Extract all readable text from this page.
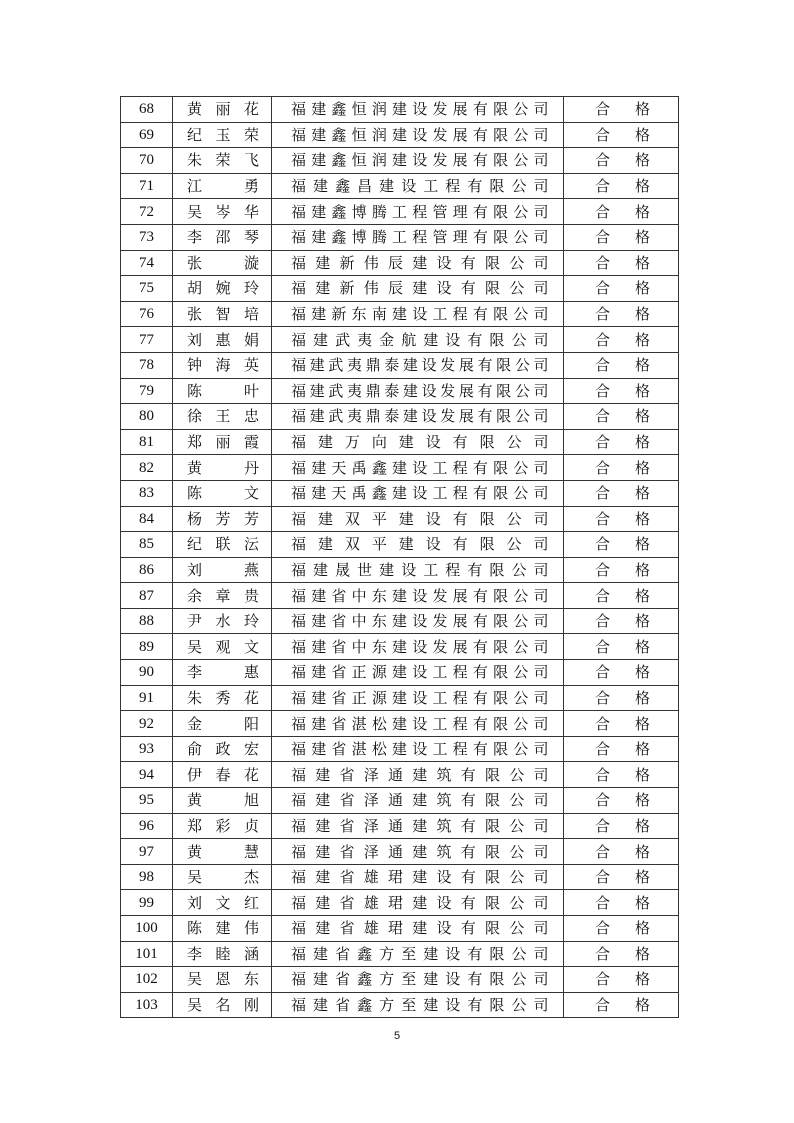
68	黄丽花	福建鑫恒润建设发展有限公司	合格
69	纪玉荣	福建鑫恒润建设发展有限公司	合格
70	朱荣飞	福建鑫恒润建设发展有限公司	合格
71	江勇	福建鑫昌建设工程有限公司	合格
72	吴岑华	福建鑫博腾工程管理有限公司	合格
73	李邵琴	福建鑫博腾工程管理有限公司	合格
74	张漩	福建新伟辰建设有限公司	合格
75	胡婉玲	福建新伟辰建设有限公司	合格
76	张智培	福建新东南建设工程有限公司	合格
77	刘惠娟	福建武夷金航建设有限公司	合格
78	钟海英	福建武夷鼎泰建设发展有限公司	合格
79	陈叶	福建武夷鼎泰建设发展有限公司	合格
80	徐王忠	福建武夷鼎泰建设发展有限公司	合格
81	郑丽霞	福建万向建设有限公司	合格
82	黄丹	福建天禹鑫建设工程有限公司	合格
83	陈文	福建天禹鑫建设工程有限公司	合格
84	杨芳芳	福建双平建设有限公司	合格
85	纪联沄	福建双平建设有限公司	合格
86	刘燕	福建晟世建设工程有限公司	合格
87	余章贵	福建省中东建设发展有限公司	合格
88	尹水玲	福建省中东建设发展有限公司	合格
89	吴观文	福建省中东建设发展有限公司	合格
90	李惠	福建省正源建设工程有限公司	合格
91	朱秀花	福建省正源建设工程有限公司	合格
92	金阳	福建省湛松建设工程有限公司	合格
93	俞政宏	福建省湛松建设工程有限公司	合格
94	伊春花	福建省泽通建筑有限公司	合格
95	黄旭	福建省泽通建筑有限公司	合格
96	郑彩贞	福建省泽通建筑有限公司	合格
97	黄慧	福建省泽通建筑有限公司	合格
98	吴杰	福建省雄珺建设有限公司	合格
99	刘文红	福建省雄珺建设有限公司	合格
100	陈建伟	福建省雄珺建设有限公司	合格
101	李睦涵	福建省鑫方至建设有限公司	合格
102	吴恩东	福建省鑫方至建设有限公司	合格
103	吴名刚	福建省鑫方至建设有限公司	合格
5
